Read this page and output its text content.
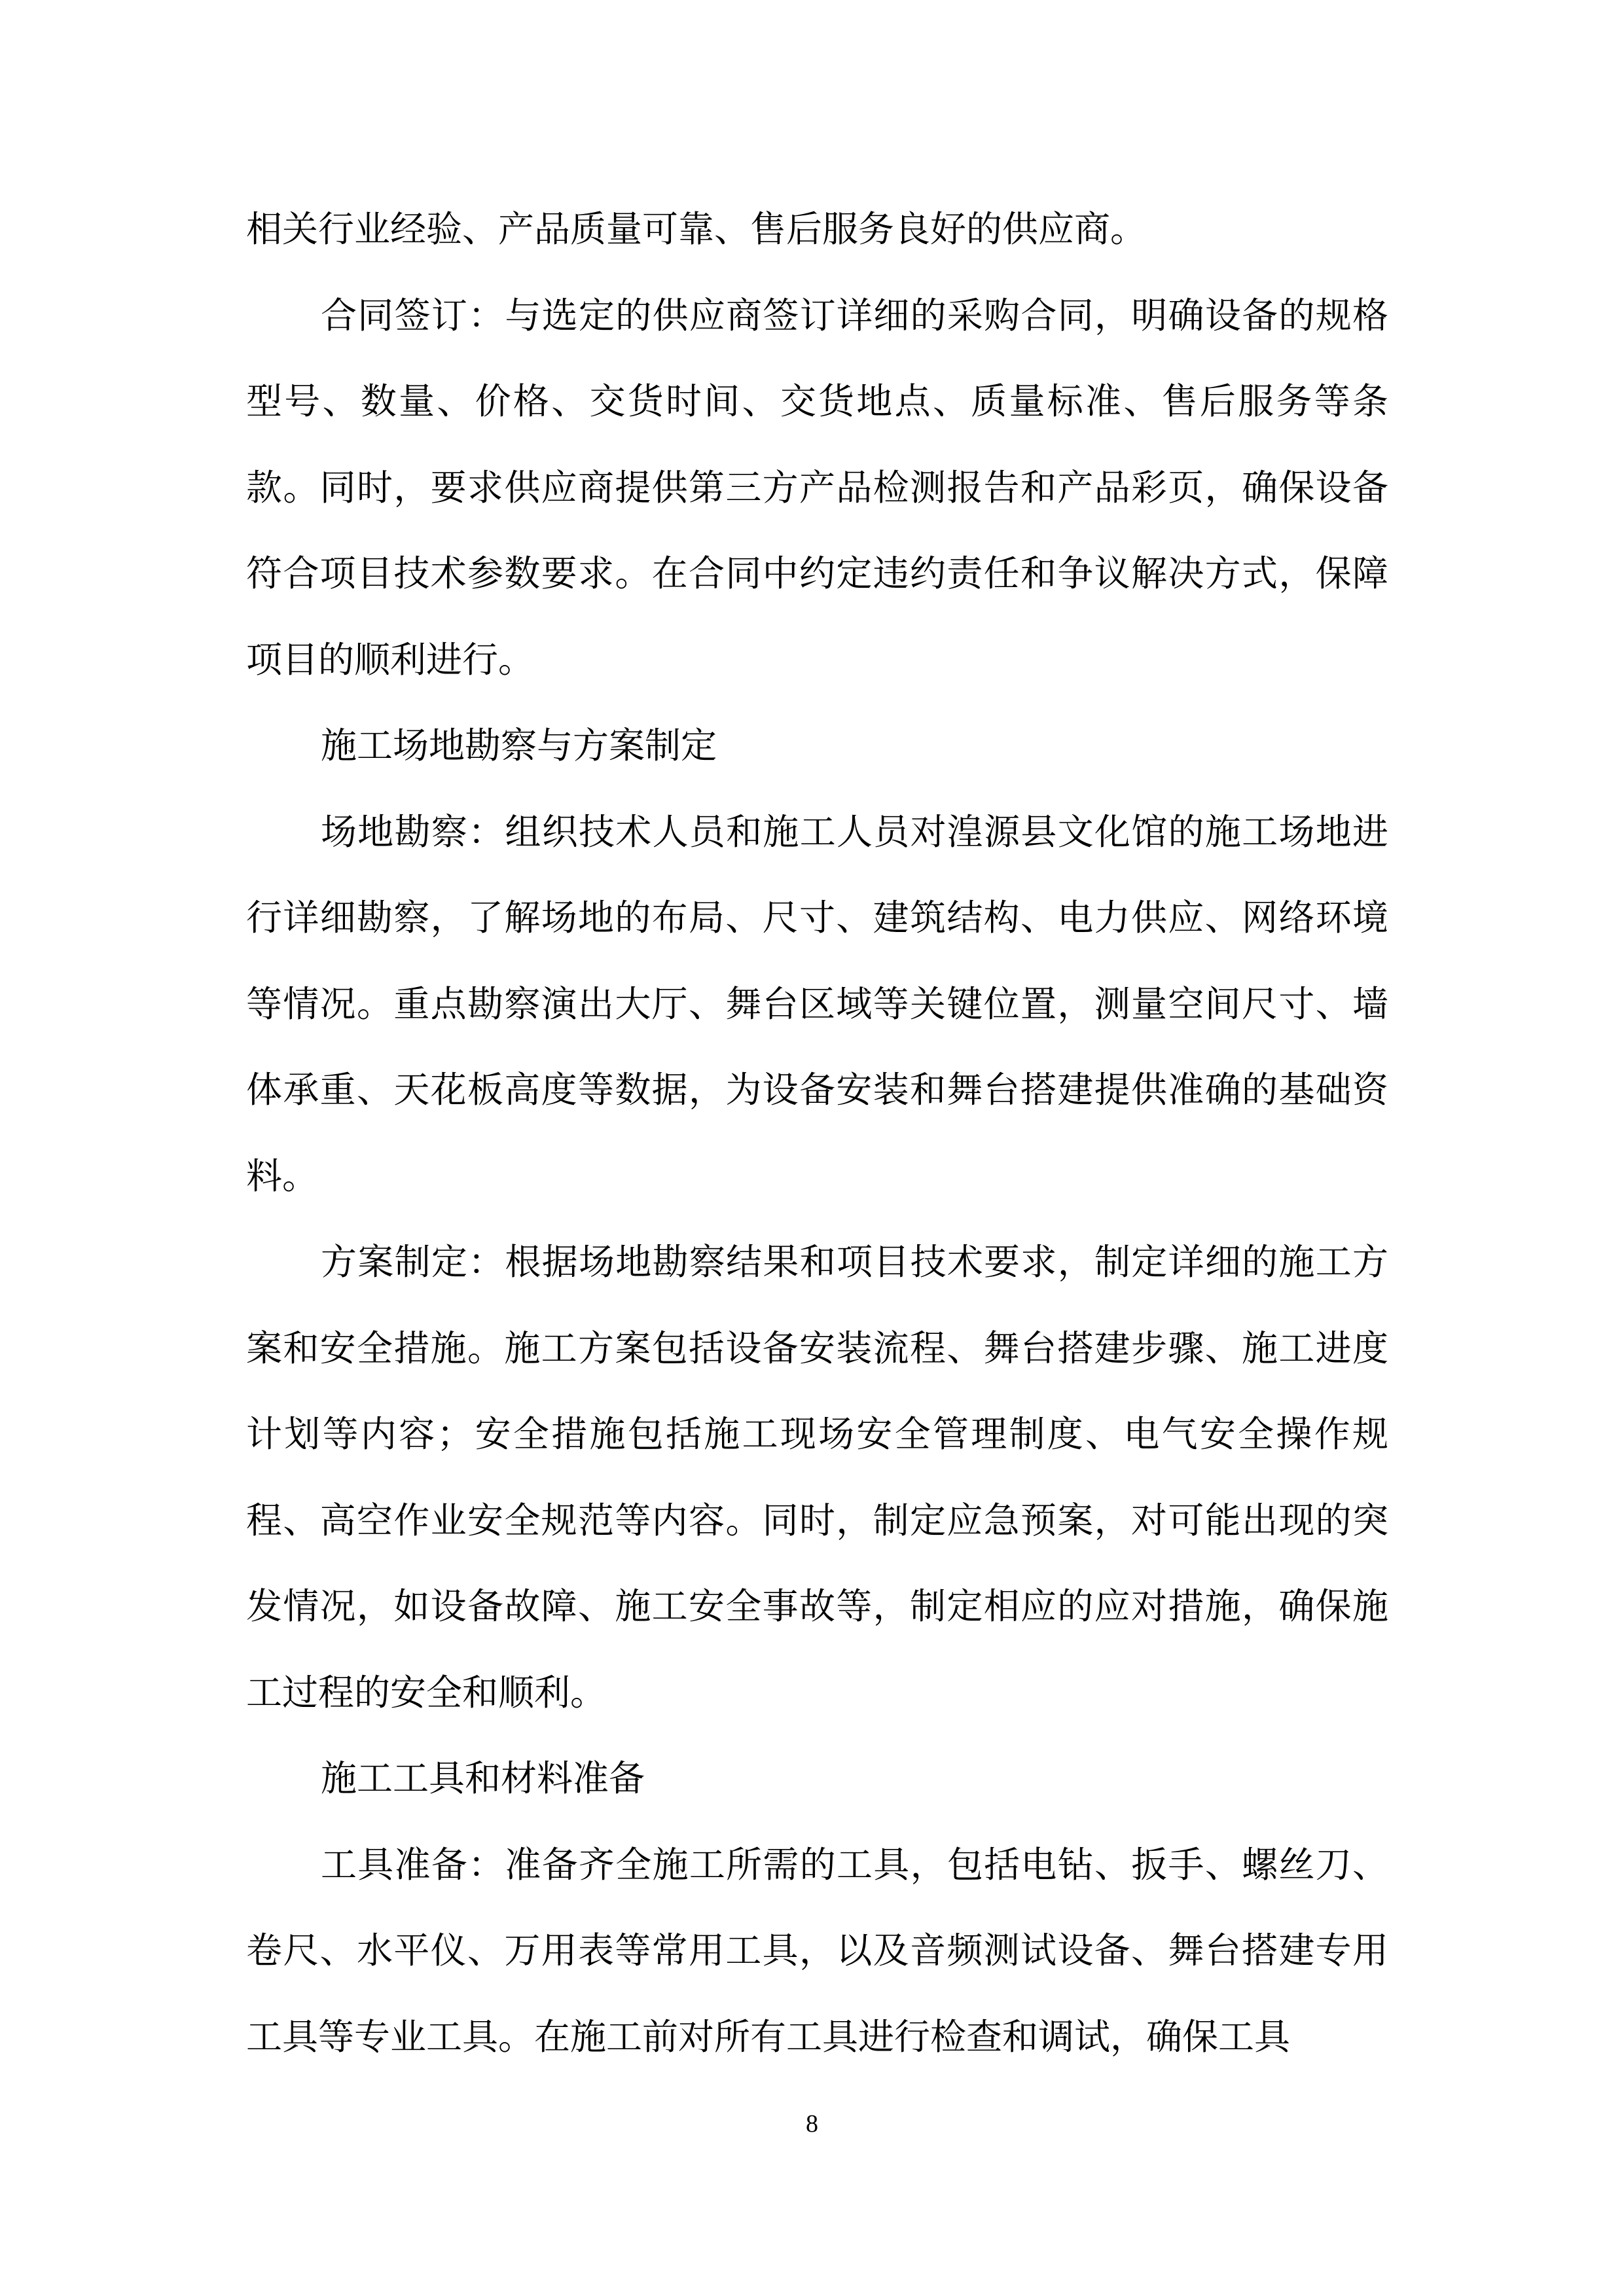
相关行业经验、产品质量可靠、售后服务良好的供应商。

合同签订：与选定的供应商签订详细的采购合同，明确设备的规格型号、数量、价格、交货时间、交货地点、质量标准、售后服务等条款。同时，要求供应商提供第三方产品检测报告和产品彩页，确保设备符合项目技术参数要求。在合同中约定违约责任和争议解决方式，保障项目的顺利进行。

施工场地勘察与方案制定

场地勘察：组织技术人员和施工人员对湟源县文化馆的施工场地进行详细勘察，了解场地的布局、尺寸、建筑结构、电力供应、网络环境等情况。重点勘察演出大厅、舞台区域等关键位置，测量空间尺寸、墙体承重、天花板高度等数据，为设备安装和舞台搭建提供准确的基础资料。

方案制定：根据场地勘察结果和项目技术要求，制定详细的施工方案和安全措施。施工方案包括设备安装流程、舞台搭建步骤、施工进度计划等内容；安全措施包括施工现场安全管理制度、电气安全操作规程、高空作业安全规范等内容。同时，制定应急预案，对可能出现的突发情况，如设备故障、施工安全事故等，制定相应的应对措施，确保施工过程的安全和顺利。

施工工具和材料准备

工具准备：准备齐全施工所需的工具，包括电钻、扳手、螺丝刀、卷尺、水平仪、万用表等常用工具，以及音频测试设备、舞台搭建专用工具等专业工具。在施工前对所有工具进行检查和调试，确保工具

8
